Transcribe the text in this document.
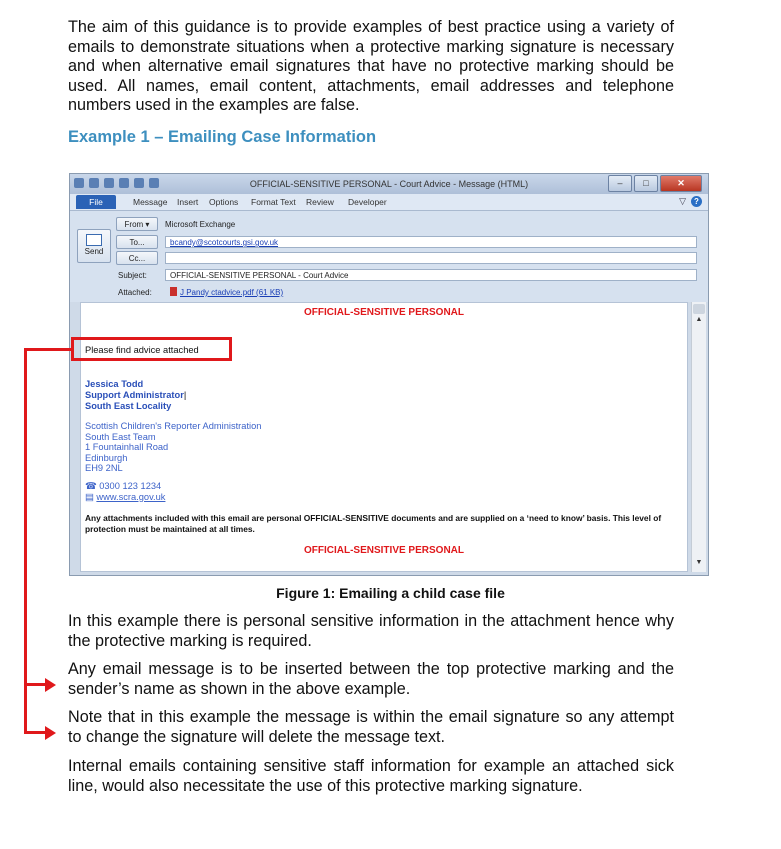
The aim of this guidance is to provide examples of best practice using a variety of emails to demonstrate situations when a protective marking signature is necessary and when alternative email signatures that have no protective marking should be used. All names, email content, attachments, email addresses and telephone numbers used in the examples are false.

Example 1 – Emailing Case Information
OFFICIAL-SENSITIVE PERSONAL - Court Advice - Message (HTML)	–	□	✕
File	Message Insert Options Format Text Review Developer	▽	?
From ▾	Microsoft Exchange
Send
To...	bcandy@scotcourts.gsi.gov.uk
Cc...
Subject:	OFFICIAL-SENSITIVE PERSONAL - Court Advice
Attached:	J Pandy ctadvice.pdf (61 KB)
OFFICIAL-SENSITIVE PERSONAL

Please find advice attached

Jessica Todd
Support Administrator|
South East Locality
Scottish Children's Reporter Administration
South East Team
1 Fountainhall Road
Edinburgh
EH9 2NL
☎ 0300 123 1234
▤ www.scra.gov.uk
Any attachments included with this email are personal OFFICIAL-SENSITIVE documents and are supplied on a ‘need to know’ basis. This level of protection must be maintained at all times.
OFFICIAL-SENSITIVE PERSONAL
▲
▼
Figure 1: Emailing a child case file

In this example there is personal sensitive information in the attachment hence why the protective marking is required.

Any email message is to be inserted between the top protective marking and the sender’s name as shown in the above example.

Note that in this example the message is within the email signature so any attempt to change the signature will delete the message text.

Internal emails containing sensitive staff information for example an attached sick line, would also necessitate the use of this protective marking signature.
